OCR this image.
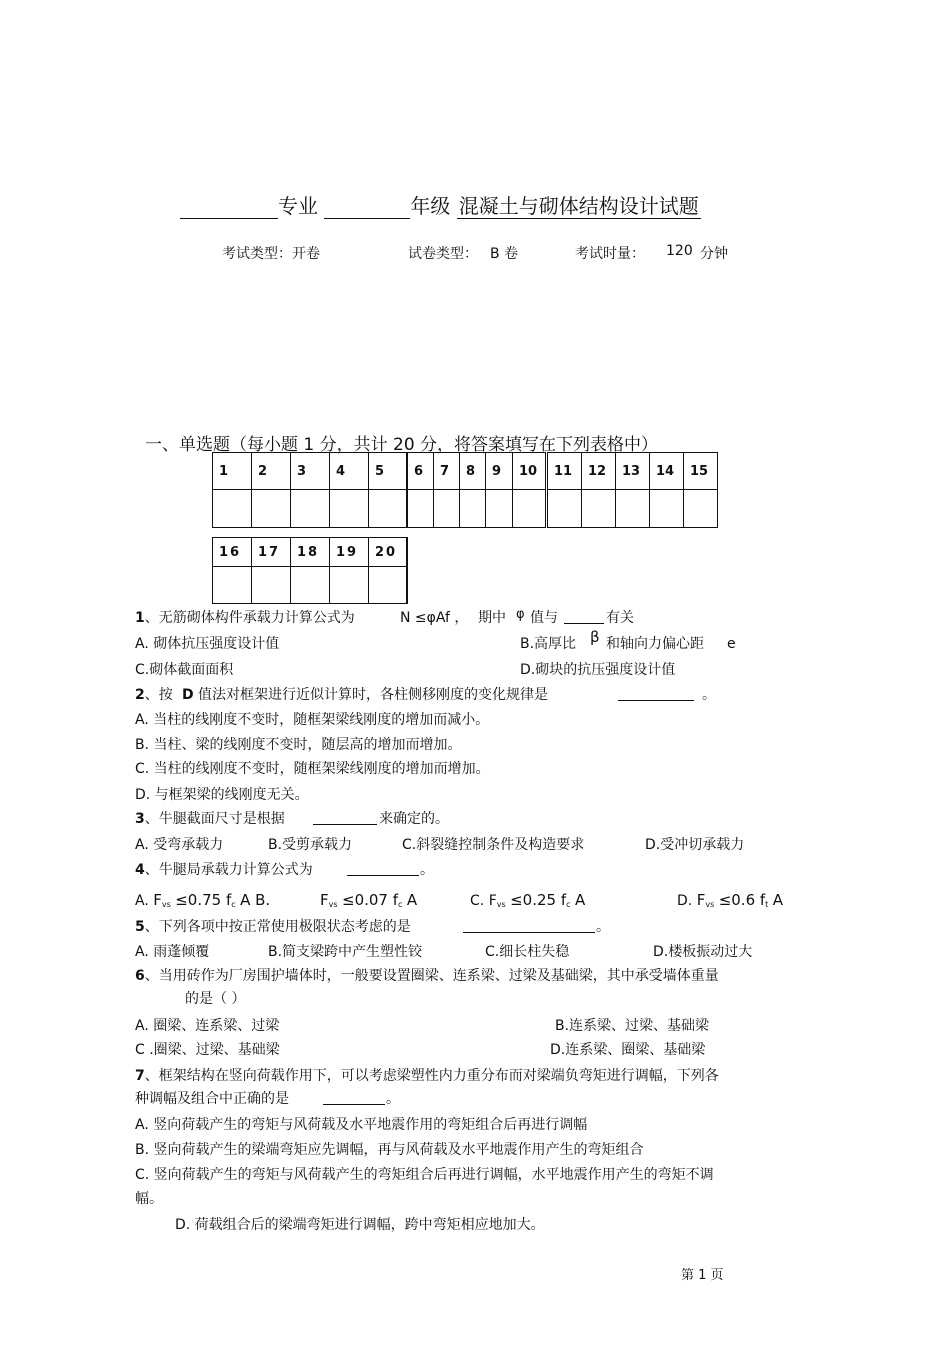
专业	年级 混凝土与砌体结构设计试题
考试类型：开卷	试卷类型： B 卷	考试时量： 120 分钟
一、单选题（每小题 1 分，共计 20 分，将答案填写在下列表格中）
1	2	3	4	5	6	7	8	9	10	11	12	13	14	15

16	17	18	19	20

1、无筋砌体构件承载力计算公式为	N ≤φAf ， 期中 φ 值与	有关
A. 砌体抗压强度设计值	B.高厚比 β 和轴向力偏心距 e
C.砌体截面面积	D.砌块的抗压强度设计值
2、按 D 值法对框架进行近似计算时，各柱侧移刚度的变化规律是	。
A. 当柱的线刚度不变时，随框架梁线刚度的增加而减小。
B. 当柱、梁的线刚度不变时，随层高的增加而增加。
C. 当柱的线刚度不变时，随框架梁线刚度的增加而增加。
D. 与框架梁的线刚度无关。
3、牛腿截面尺寸是根据	来确定的。
A. 受弯承载力	B.受剪承载力	C.斜裂缝控制条件及构造要求	D.受冲切承载力
4、牛腿局承载力计算公式为	。
A. $F_{vs} \le 0.75$ $f_c$ A B.	$F_{vs} \le 0.07$ $f_c$ A	C. $F_{vs} \le 0.25$ $f_c$ A	D. $F_{vs} \le 0.6$ $f_t$ A
5、下列各项中按正常使用极限状态考虑的是	。
A. 雨蓬倾覆	B.简支梁跨中产生塑性铰	C.细长柱失稳	D.楼板振动过大
6、当用砖作为厂房围护墙体时，一般要设置圈梁、连系梁、过梁及基础梁，其中承受墙体重量
的是（ ）
A. 圈梁、连系梁、过梁	B.连系梁、过梁、基础梁
C .圈梁、过梁、基础梁	D.连系梁、圈梁、基础梁
7、框架结构在竖向荷载作用下，可以考虑梁塑性内力重分布而对梁端负弯矩进行调幅，下列各
种调幅及组合中正确的是	。
A. 竖向荷载产生的弯矩与风荷载及水平地震作用的弯矩组合后再进行调幅
B. 竖向荷载产生的梁端弯矩应先调幅，再与风荷载及水平地震作用产生的弯矩组合
C. 竖向荷载产生的弯矩与风荷载产生的弯矩组合后再进行调幅，水平地震作用产生的弯矩不调
幅。
D. 荷载组合后的梁端弯矩进行调幅，跨中弯矩相应地加大。
第 1 页
